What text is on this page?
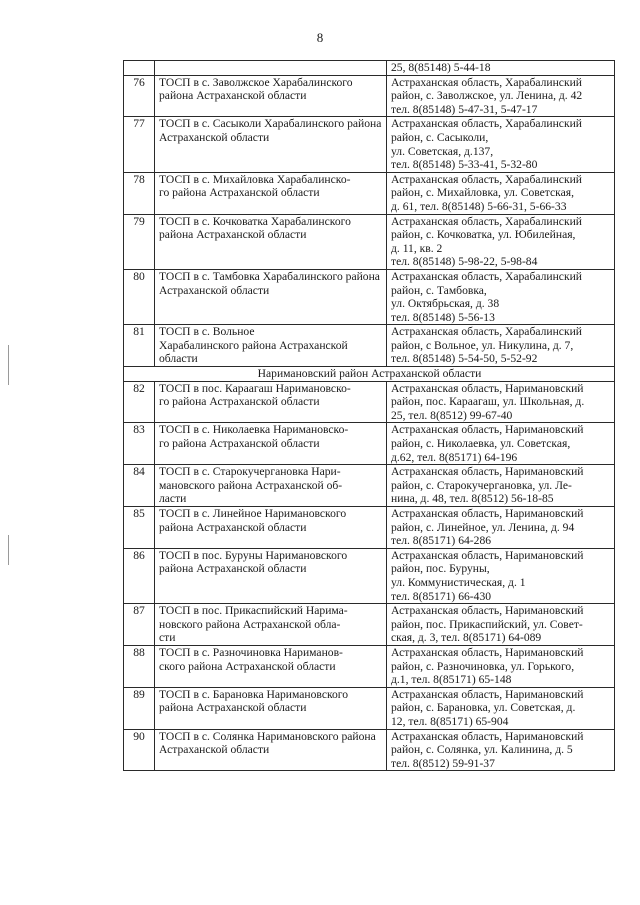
8
		25, 8(85148) 5-44-18
76	ТОСП в с. Заволжское Харабалинского района Астраханской области	Астраханская область, Харабалинский
район, с. Заволжское, ул. Ленина, д. 42
тел. 8(85148) 5-47-31, 5-47-17
77	ТОСП в с. Сасыколи Харабалинского района Астраханской области	Астраханская область, Харабалинский
район, с. Сасыколи,
ул. Советская, д.137,
тел. 8(85148) 5-33-41, 5-32-80
78	ТОСП в с. Михайловка Харабалинско-
го района Астраханской области	Астраханская область, Харабалинский
район, с. Михайловка, ул. Советская,
д. 61, тел. 8(85148) 5-66-31, 5-66-33
79	ТОСП в с. Кочковатка Харабалинского района Астраханской области	Астраханская область, Харабалинский
район, с. Кочковатка, ул. Юбилейная,
д. 11, кв. 2
тел. 8(85148) 5-98-22, 5-98-84
80	ТОСП в с. Тамбовка Харабалинского района Астраханской области	Астраханская область, Харабалинский
район, с. Тамбовка,
ул. Октябрьская, д. 38
тел. 8(85148) 5-56-13
81	ТОСП в с. Вольное
Харабалинского района Астраханской
области	Астраханская область, Харабалинский
район, с Вольное, ул. Никулина, д. 7,
тел. 8(85148) 5-54-50, 5-52-92
Наримановский район Астраханской области		
82	ТОСП в пос. Караагаш Наримановско-
го района Астраханской области	Астраханская область, Наримановский
район, пос. Караагаш, ул. Школьная, д.
25, тел. 8(8512) 99-67-40
83	ТОСП в с. Николаевка Наримановско-
го района Астраханской области	Астраханская область, Наримановский
район, с. Николаевка, ул. Советская,
д.62, тел. 8(85171) 64-196
84	ТОСП в с. Старокучергановка Нари-
мановского района Астраханской об-
ласти	Астраханская область, Наримановский
район, с. Старокучергановка, ул. Ле-
нина, д. 48, тел. 8(8512) 56-18-85
85	ТОСП в с. Линейное Наримановского района Астраханской области	Астраханская область, Наримановский
район, с. Линейное, ул. Ленина, д. 94
тел. 8(85171) 64-286
86	ТОСП в пос. Буруны Наримановского района Астраханской области	Астраханская область, Наримановский
район, пос. Буруны,
ул. Коммунистическая, д. 1
тел. 8(85171) 66-430
87	ТОСП в пос. Прикаспийский Нарима-
новского района Астраханской обла-
сти	Астраханская область, Наримановский
район, пос. Прикаспийский, ул. Совет-
ская, д. 3, тел. 8(85171) 64-089
88	ТОСП в с. Разночиновка Нариманов-
ского района Астраханской области	Астраханская область, Наримановский
район, с. Разночиновка, ул. Горького,
д.1, тел. 8(85171) 65-148
89	ТОСП в с. Барановка Наримановского района Астраханской области	Астраханская область, Наримановский
район, с. Барановка, ул. Советская, д.
12, тел. 8(85171) 65-904
90	ТОСП в с. Солянка Наримановского района Астраханской области	Астраханская область, Наримановский
район, с. Солянка, ул. Калинина, д. 5
тел. 8(8512) 59-91-37
